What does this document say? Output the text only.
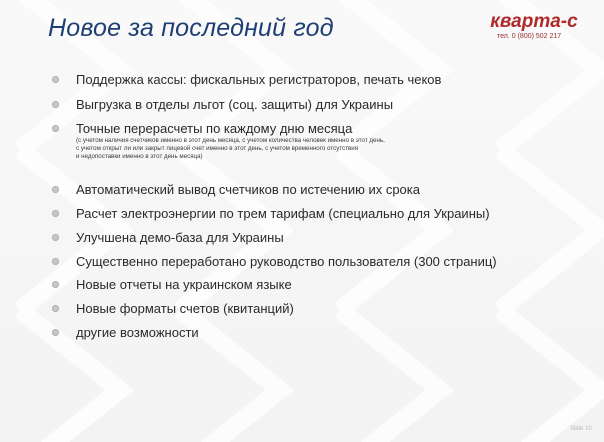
Новое за последний год	кварта-с
тел. 0 (800) 502 217
Поддержка кассы: фискальных регистраторов, печать чеков
Выгрузка в отделы льгот (соц. защиты) для Украины
Точные перерасчеты по каждому дню месяца
Автоматический вывод счетчиков по истечению их срока
Расчет электроэнергии по трем тарифам (специально для Украины)
Улучшена демо-база для Украины
Существенно переработано руководство пользователя (300 страниц)
Новые отчеты на украинском языке
Новые форматы счетов (квитанций)
другие возможности
(с учетом наличия счетчиков именно в этот день месяца, с учетом количества человек именно в этот день,
с учетом открыт ли или закрыт лицевой счет именно в этот день, с учетом временного отсутствия
и недопоставки именно в этот день месяца)
Slide 10
